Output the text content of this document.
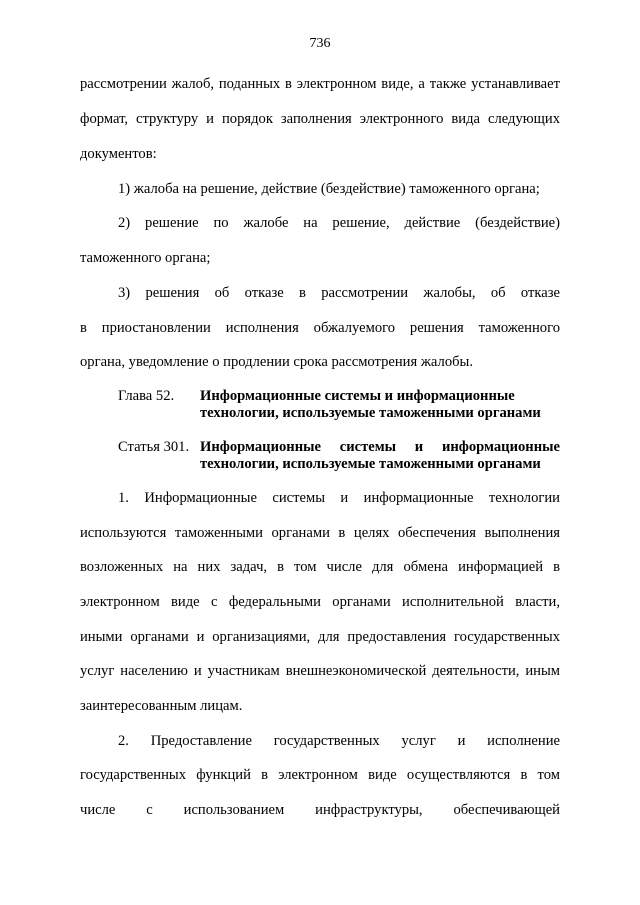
736
рассмотрении жалоб, поданных в электронном виде, а также устанавливает
формат, структуру и порядок заполнения электронного вида следующих
документов:
1) жалоба на решение, действие (бездействие) таможенного органа;
2) решение по жалобе на решение, действие (бездействие)
таможенного органа;
3) решения об отказе в рассмотрении жалобы, об отказе
в приостановлении исполнения обжалуемого решения таможенного
органа, уведомление о продлении срока рассмотрения жалобы.
Глава 52.	Информационные системы и информационные
технологии, используемые таможенными органами
Статья 301. Информационные системы и информационные
технологии, используемые таможенными органами
1. Информационные системы и информационные технологии
используются таможенными органами в целях обеспечения выполнения
возложенных на них задач, в том числе для обмена информацией в
электронном виде с федеральными органами исполнительной власти,
иными органами и организациями, для предоставления государственных
услуг населению и участникам внешнеэкономической деятельности, иным
заинтересованным лицам.
2. Предоставление государственных услуг и исполнение
государственных функций в электронном виде осуществляются в том
числе с использованием инфраструктуры, обеспечивающей
